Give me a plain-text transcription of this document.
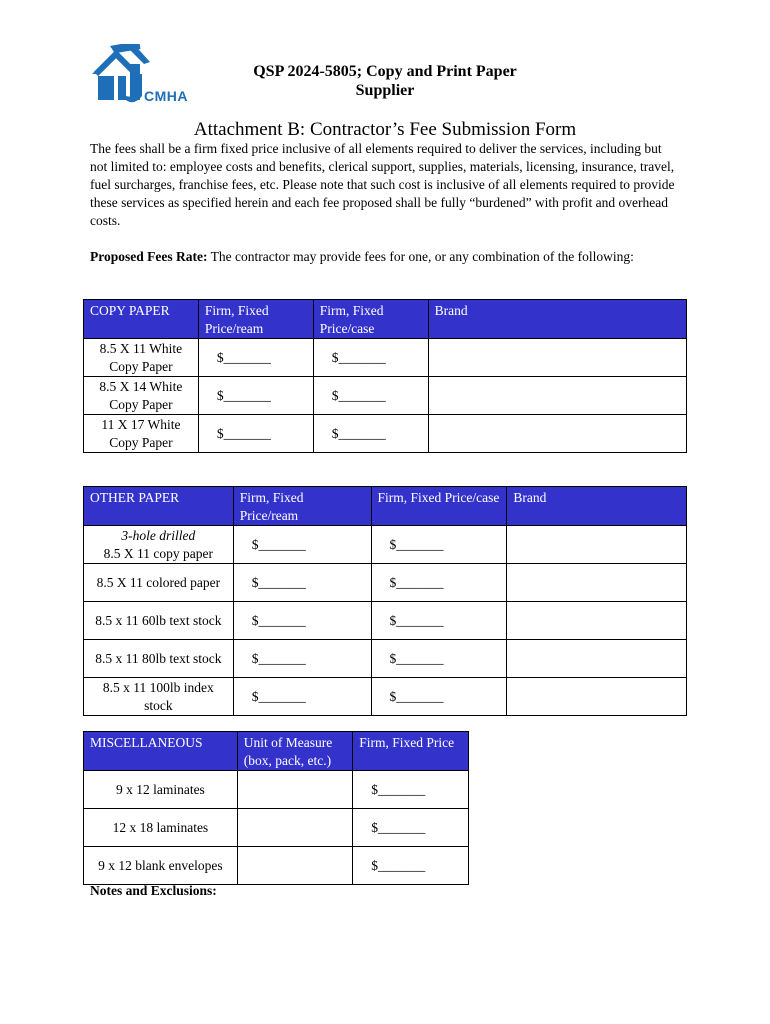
CMHA
QSP 2024-5805; Copy and Print Paper
Supplier
Attachment B: Contractor’s Fee Submission Form
The fees shall be a firm fixed price inclusive of all elements required to deliver the services, including but not limited to: employee costs and benefits, clerical support, supplies, materials, licensing, insurance, travel, fuel surcharges, franchise fees, etc. Please note that such cost is inclusive of all elements required to provide these services as specified herein and each fee proposed shall be fully “burdened” with profit and overhead costs.
Proposed Fees Rate: The contractor may provide fees for one, or any combination of the following:
COPY PAPER	Firm, Fixed Price/ream	Firm, Fixed Price/case	Brand
8.5 X 11 White Copy Paper	$_______	$_______	
8.5 X 14 White Copy Paper	$_______	$_______	
11 X 17 White Copy Paper	$_______	$_______	
OTHER PAPER	Firm, Fixed Price/ream	Firm, Fixed Price/case	Brand
3-hole drilled
8.5 X 11 copy paper	$_______	$_______	
8.5 X 11 colored paper	$_______	$_______	
8.5 x 11 60lb text stock	$_______	$_______	
8.5 x 11 80lb text stock	$_______	$_______	
8.5 x 11 100lb index stock	$_______	$_______	
MISCELLANEOUS	Unit of Measure (box, pack, etc.)	Firm, Fixed Price
9 x 12 laminates		$_______
12 x 18 laminates		$_______
9 x 12 blank envelopes		$_______
Notes and Exclusions:
